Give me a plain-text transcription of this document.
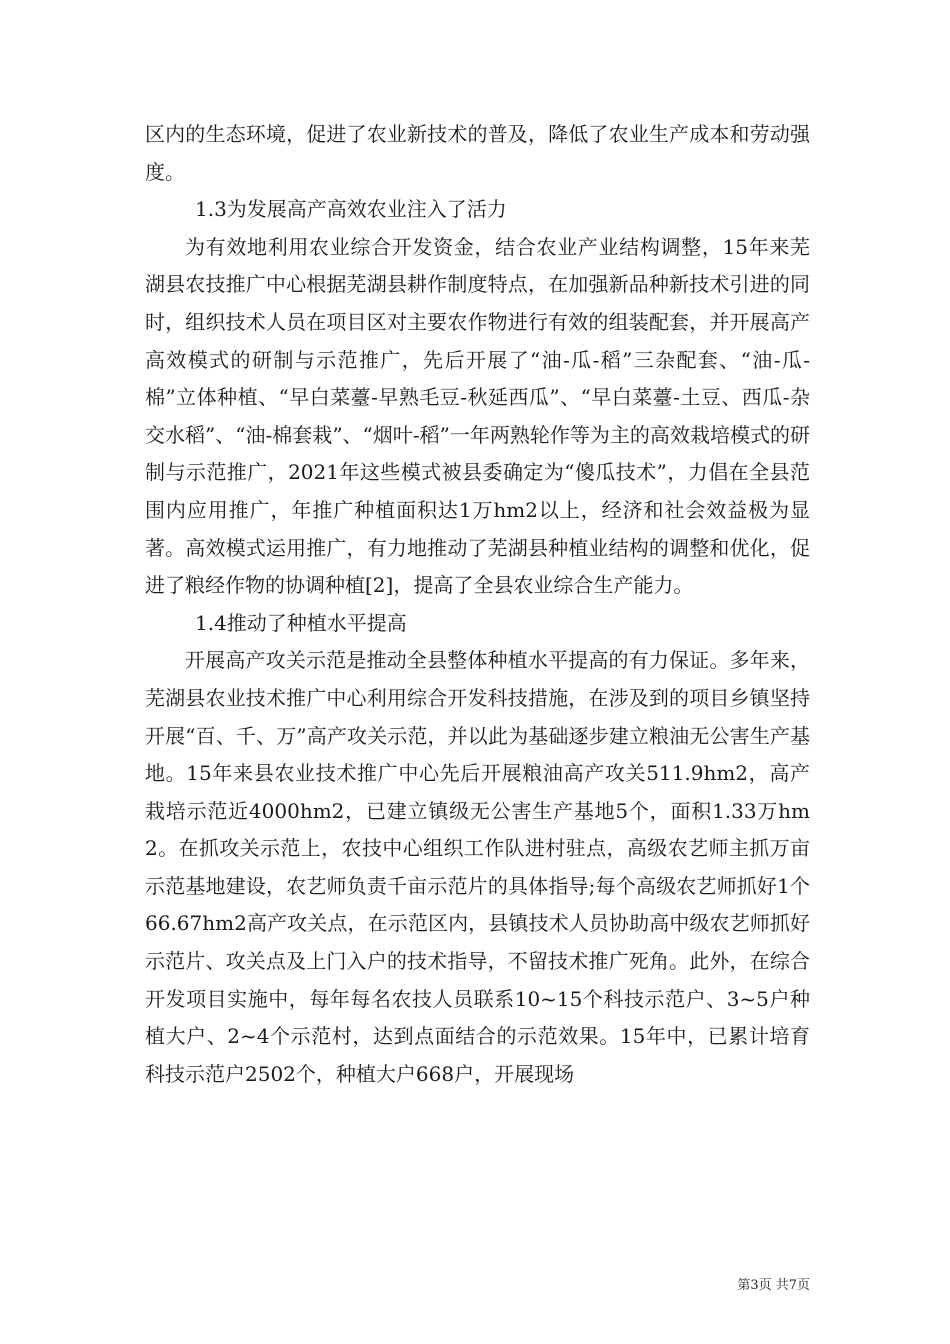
区内的生态环境，促进了农业新技术的普及，降低了农业生产成本和劳动强度。

1.3为发展高产高效农业注入了活力

为有效地利用农业综合开发资金，结合农业产业结构调整，15年来芜湖县农技推广中心根据芜湖县耕作制度特点，在加强新品种新技术引进的同时，组织技术人员在项目区对主要农作物进行有效的组装配套，并开展高产高效模式的研制与示范推广，先后开展了“油-瓜-稻”三杂配套、“油-瓜-棉”立体种植、“早白菜薹-早熟毛豆-秋延西瓜”、“早白菜薹-土豆、西瓜-杂交水稻”、“油-棉套栽”、“烟叶-稻”一年两熟轮作等为主的高效栽培模式的研制与示范推广，2021年这些模式被县委确定为“傻瓜技术”，力倡在全县范围内应用推广，年推广种植面积达1万hm2以上，经济和社会效益极为显著。高效模式运用推广，有力地推动了芜湖县种植业结构的调整和优化，促进了粮经作物的协调种植[2]，提高了全县农业综合生产能力。

1.4推动了种植水平提高

开展高产攻关示范是推动全县整体种植水平提高的有力保证。多年来，芜湖县农业技术推广中心利用综合开发科技措施，在涉及到的项目乡镇坚持开展“百、千、万”高产攻关示范，并以此为基础逐步建立粮油无公害生产基地。15年来县农业技术推广中心先后开展粮油高产攻关511.9hm2，高产栽培示范近4000hm2，已建立镇级无公害生产基地5个，面积1.33万hm2。在抓攻关示范上，农技中心组织工作队进村驻点，高级农艺师主抓万亩示范基地建设，农艺师负责千亩示范片的具体指导;每个高级农艺师抓好1个66.67hm2高产攻关点，在示范区内，县镇技术人员协助高中级农艺师抓好示范片、攻关点及上门入户的技术指导，不留技术推广死角。此外，在综合开发项目实施中，每年每名农技人员联系10~15个科技示范户、3~5户种植大户、2~4个示范村，达到点面结合的示范效果。15年中，已累计培育科技示范户2502个，种植大户668户，开展现场

第3页 共7页
